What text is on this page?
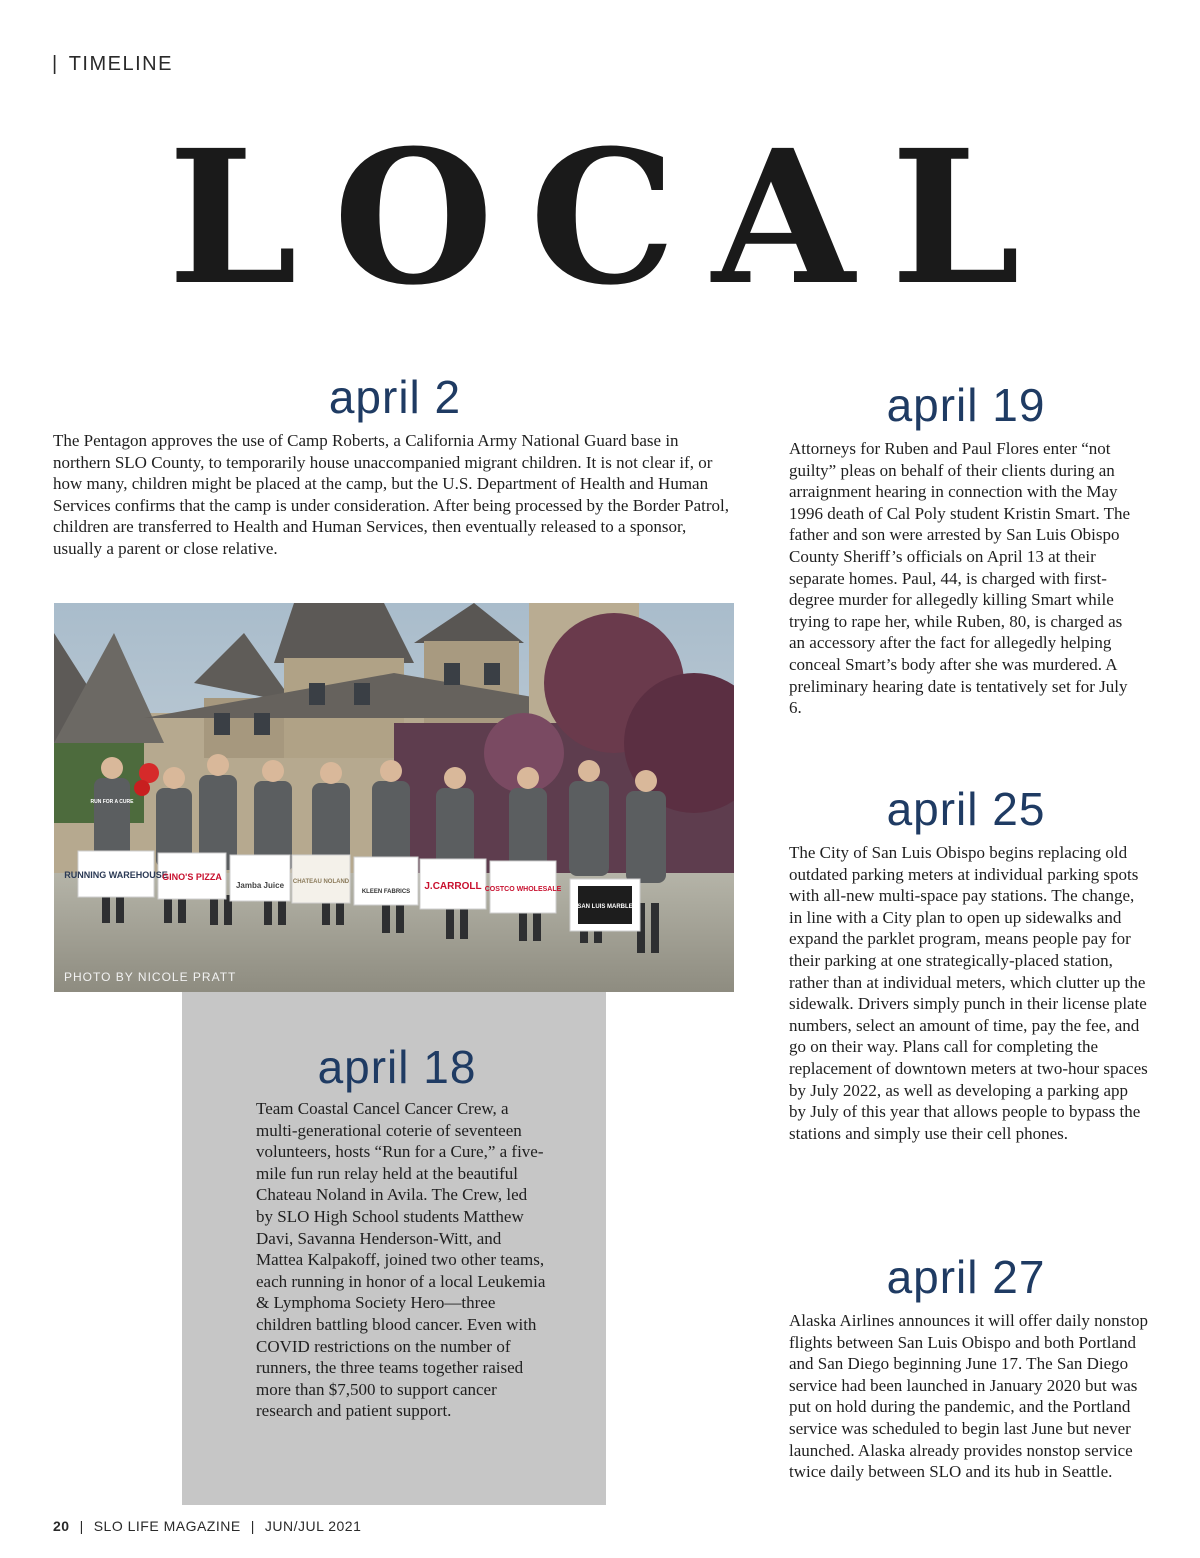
| TIMELINE
LOCAL
april 2

The Pentagon approves the use of Camp Roberts, a California Army National Guard base in northern SLO County, to temporarily house unaccompanied migrant children. It is not clear if, or how many, children might be placed at the camp, but the U.S. Department of Health and Human Services confirms that the camp is under consideration. After being processed by the Border Patrol, children are transferred to Health and Human Services, then eventually released to a sponsor, usually a parent or close relative.

april 19

Attorneys for Ruben and Paul Flores enter “not guilty” pleas on behalf of their clients during an arraignment hearing in connection with the May 1996 death of Cal Poly student Kristin Smart. The father and son were arrested by San Luis Obispo County Sheriff’s officials on April 13 at their separate homes. Paul, 44, is charged with first-degree murder for allegedly killing Smart while trying to rape her, while Ruben, 80, is charged as an accessory after the fact for allegedly helping conceal Smart’s body after she was murdered. A preliminary hearing date is tentatively set for July 6.

RUNNING WAREHOUSE
GINO'S PIZZA
Jamba Juice CHATEAU NOLAND
KLEEN FABRICS J.CARROLL COSTCO WHOLESALE
SAN LUIS MARBLE
RUN FOR A CURE
PHOTO BY NICOLE PRATT
april 18

Team Coastal Cancel Cancer Crew, a multi-generational coterie of seventeen volunteers, hosts “Run for a Cure,” a five-mile fun run relay held at the beautiful Chateau Noland in Avila. The Crew, led by SLO High School students Matthew Davi, Savanna Henderson-Witt, and Mattea Kalpakoff, joined two other teams, each running in honor of a local Leukemia & Lymphoma Society Hero—three children battling blood cancer. Even with COVID restrictions on the number of runners, the three teams together raised more than $7,500 to support cancer research and patient support.

april 25

The City of San Luis Obispo begins replacing old outdated parking meters at individual parking spots with all-new multi-space pay stations. The change, in line with a City plan to open up sidewalks and expand the parklet program, means people pay for their parking at one strategically-placed station, rather than at individual meters, which clutter up the sidewalk. Drivers simply punch in their license plate numbers, select an amount of time, pay the fee, and go on their way. Plans call for completing the replacement of downtown meters at two-hour spaces by July 2022, as well as developing a parking app by July of this year that allows people to bypass the stations and simply use their cell phones.

april 27

Alaska Airlines announces it will offer daily nonstop flights between San Luis Obispo and both Portland and San Diego beginning June 17. The San Diego service had been launched in January 2020 but was put on hold during the pandemic, and the Portland service was scheduled to begin last June but never launched. Alaska already provides nonstop service twice daily between SLO and its hub in Seattle.

20 | SLO LIFE MAGAZINE | JUN/JUL 2021
